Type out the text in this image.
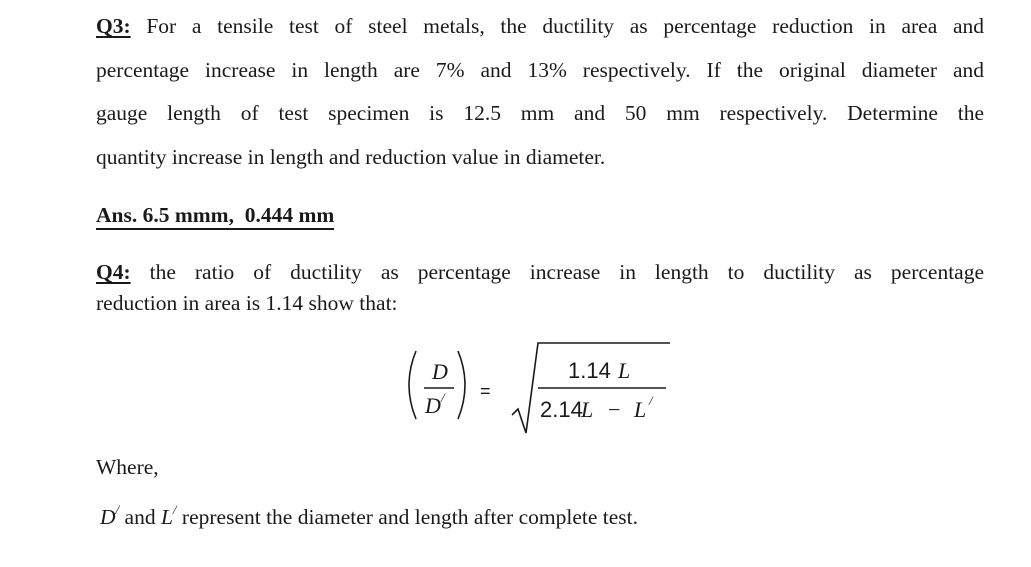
Q3: For a tensile test of steel metals, the ductility as percentage reduction in area and
percentage increase in length are 7% and 13% respectively. If the original diameter and
gauge length of test specimen is 12.5 mm and 50 mm respectively. Determine the
quantity increase in length and reduction value in diameter.
Ans. 6.5 mmm,  0.444 mm
Q4: the ratio of ductility as percentage increase in length to ductility as percentage
reduction in area is 1.14 show that:
D
D / =
1.14 L
2.14
L − L /
Where,
D/ and L/ represent the diameter and length after complete test.
